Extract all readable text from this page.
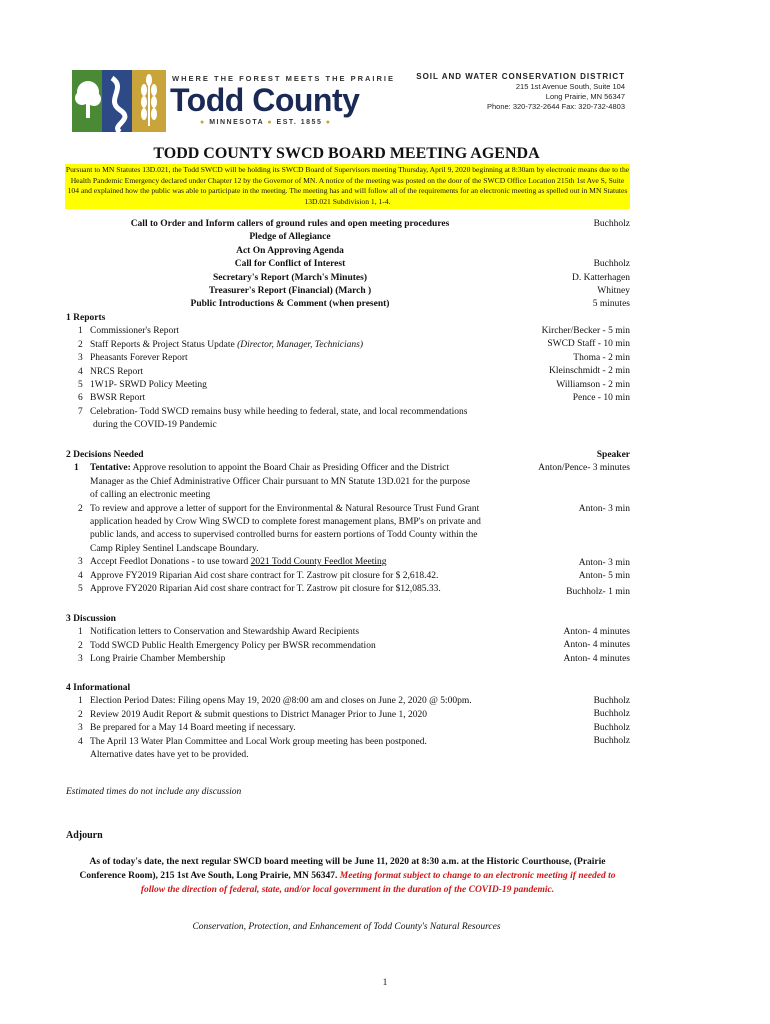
WHERE THE FOREST MEETS THE PRAIRIE
Todd County
● MINNESOTA ● EST. 1855 ●
SOIL AND WATER CONSERVATION DISTRICT
215 1st Avenue South, Suite 104
Long Prairie, MN 56347
Phone: 320-732-2644 Fax: 320-732-4803
TODD COUNTY SWCD BOARD MEETING AGENDA
Pursuant to MN Statutes 13D.021, the Todd SWCD will be holding its SWCD Board of Supervisors meeting Thursday, April 9, 2020 beginning at 8:30am by electronic means due to the Health Pandemic Emergency declared under Chapter 12 by the Governor of MN. A notice of the meeting was posted on the door of the SWCD Office Location 215th 1st Ave S, Suite 104 and explained how the public was able to participate in the meeting. The meeting has and will follow all of the requirements for an electronic meeting as spelled out in MN Statutes 13D.021 Subdivision 1, 1-4.
Call to Order and Inform callers of ground rules and open meeting procedures
Pledge of Allegiance
Act On Approving Agenda
Call for Conflict of Interest
Secretary's Report (March's Minutes)
Treasurer's Report (Financial) (March )
Public Introductions & Comment (when present)
Buchholz
Buchholz
D. Katterhagen
Whitney
5 minutes
1 Reports
1 Commissioner's Report
2 Staff Reports & Project Status Update (Director, Manager, Technicians)
3 Pheasants Forever Report
4 NRCS Report
5 1W1P- SRWD Policy Meeting
6 BWSR Report
7 Celebration- Todd SWCD remains busy while heeding to federal, state, and local recommendations
during the COVID-19 Pandemic
Kircher/Becker - 5 min
SWCD Staff - 10 min
Thoma - 2 min
Kleinschmidt - 2 min
Williamson - 2 min
Pence - 10 min
2 Decisions Needed
1 Tentative: Approve resolution to appoint the Board Chair as Presiding Officer and the District
Manager as the Chief Administrative Officer Chair pursuant to MN Statute 13D.021 for the purpose
of calling an electronic meeting
2 To review and approve a letter of support for the Environmental & Natural Resource Trust Fund Grant
application headed by Crow Wing SWCD to complete forest management plans, BMP's on private and
public lands, and access to supervised controlled burns for eastern portions of Todd County within the
Camp Ripley Sentinel Landscape Boundary.
3 Accept Feedlot Donations - to use toward 2021 Todd County Feedlot Meeting
4 Approve FY2019 Riparian Aid cost share contract for T. Zastrow pit closure for $ 2,618.42.
5 Approve FY2020 Riparian Aid cost share contract for T. Zastrow pit closure for $12,085.33.
Speaker
Anton/Pence- 3 minutes
Anton- 3 min
Anton- 3 min
Anton- 5 min
Buchholz- 1 min
3 Discussion
1 Notification letters to Conservation and Stewardship Award Recipients
2 Todd SWCD Public Health Emergency Policy per BWSR recommendation
3 Long Prairie Chamber Membership
Anton- 4 minutes
Anton- 4 minutes
Anton- 4 minutes
4 Informational
1 Election Period Dates: Filing opens May 19, 2020 @8:00 am and closes on June 2, 2020 @ 5:00pm.
2 Review 2019 Audit Report & submit questions to District Manager Prior to June 1, 2020
3 Be prepared for a May 14 Board meeting if necessary.
4 The April 13 Water Plan Committee and Local Work group meeting has been postponed.
Alternative dates have yet to be provided.
Buchholz
Buchholz
Buchholz
Buchholz
Estimated times do not include any discussion
Adjourn
As of today's date, the next regular SWCD board meeting will be June 11, 2020 at 8:30 a.m. at the Historic Courthouse, (Prairie Conference Room), 215 1st Ave South, Long Prairie, MN 56347. Meeting format subject to change to an electronic meeting if needed to follow the direction of federal, state, and/or local government in the duration of the COVID-19 pandemic.
Conservation, Protection, and Enhancement of Todd County's Natural Resources
1
